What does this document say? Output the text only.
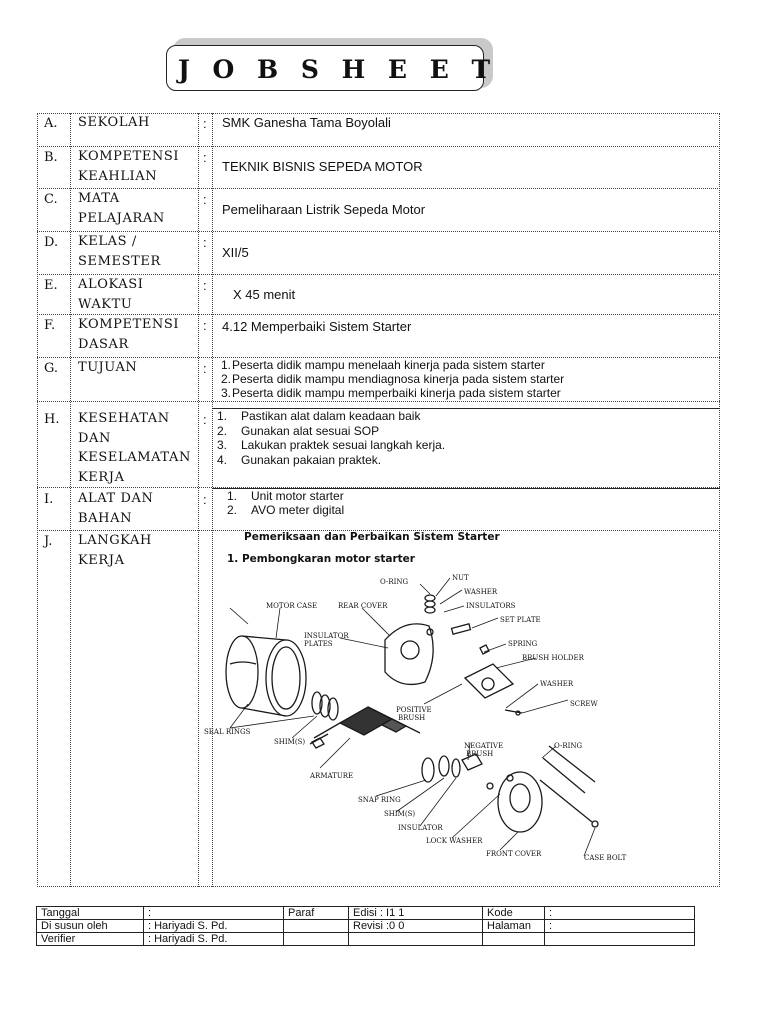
J O B S H E E T
A. SEKOLAH	: SMK Ganesha Tama Boyolali
B. KOMPETENSI KEAHLIAN
:
TEKNIK BISNIS SEPEDA MOTOR
C. MATA PELAJARAN
:
Pemeliharaan Listrik Sepeda Motor
D. KELAS / SEMESTER
:
XII/5
E. ALOKASI WAKTU
:
X 45 menit
F. KOMPETENSI DASAR
: 4.12 Memperbaiki Sistem Starter
G. TUJUAN	: 1. Peserta didik mampu menelaah kinerja pada sistem starter
2. Peserta didik mampu mendiagnosa kinerja pada sistem starter
3. Peserta didik mampu memperbaiki kinerja pada sistem starter
H. KESEHATAN DAN KESELAMATAN KERJA
: 1.	Pastikan alat dalam keadaan baik
2.	Gunakan alat sesuai SOP
3.	Lakukan praktek sesuai langkah kerja.
4.	Gunakan pakaian praktek.
I. ALAT DAN BAHAN
: 1.	Unit motor starter
2.	AVO meter digital
J. LANGKAH KERJA
Pemeriksaan dan Perbaikan Sistem Starter
1. Pembongkaran motor starter
MOTOR CASE	REAR COVER
O-RING	NUT
WASHER
INSULATORS
SET PLATE
INSULATOR
PLATES	SPRING
BRUSH HOLDER
WASHER
SCREW
POSITIVE
BRUSH
SEAL RINGS
SHIM(S)	NEGATIVE
BRUSH
O-RING
ARMATURE
SNAP RING
SHIM(S)
INSULATOR
LOCK WASHER
FRONT COVER	CASE BOLT
Tanggal	:	Paraf	Edisi : I1 1	Kode	:
Di susun oleh	: Hariyadi S. Pd.		Revisi :0 0	Halaman	:
Verifier	: Hariyadi S. Pd.				
